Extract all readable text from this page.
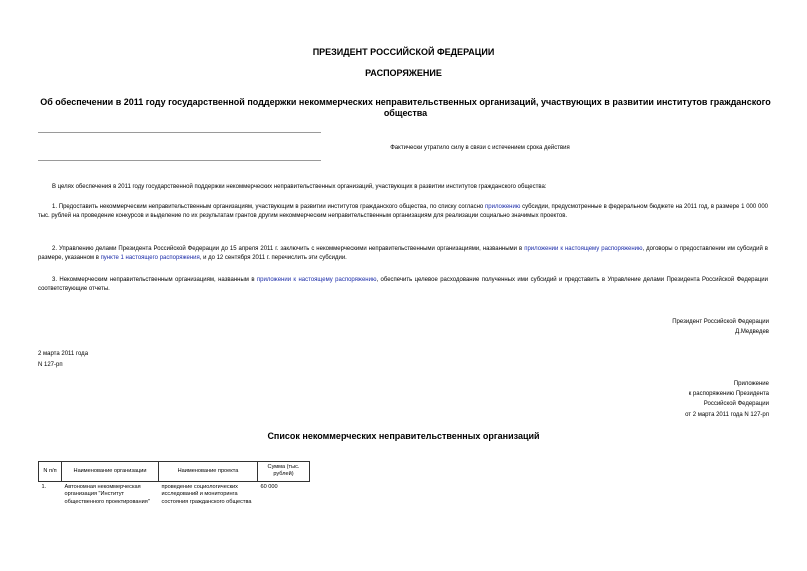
ПРЕЗИДЕНТ РОССИЙСКОЙ ФЕДЕРАЦИИ
РАСПОРЯЖЕНИЕ
Об обеспечении в 2011 году государственной поддержки некоммерческих неправительственных организаций, участвующих в развитии институтов гражданского общества
Фактически утратило силу в связи с истечением срока действия
В целях обеспечения в 2011 году государственной поддержки некоммерческих неправительственных организаций, участвующих в развитии институтов гражданского общества:
1. Предоставить некоммерческим неправительственным организациям, участвующим в развитии институтов гражданского общества, по списку согласно приложению субсидии, предусмотренные в федеральном бюджете на 2011 год, в размере 1 000 000 тыс. рублей на проведение конкурсов и выделение по их результатам грантов другим некоммерческим неправительственным организациям для реализации социально значимых проектов.
2. Управлению делами Президента Российской Федерации до 15 апреля 2011 г. заключить с некоммерческими неправительственными организациями, названными в приложении к настоящему распоряжению, договоры о предоставлении им субсидий в размере, указанном в пункте 1 настоящего распоряжения, и до 12 сентября 2011 г. перечислить эти субсидии.
3. Некоммерческим неправительственным организациям, названным в приложении к настоящему распоряжению, обеспечить целевое расходование полученных ими субсидий и представить в Управление делами Президента Российской Федерации соответствующие отчеты.
Президент Российской Федерации
Д.Медведев
2 марта 2011 года
N 127-рп
Приложение
к распоряжению Президента
Российской Федерации
от 2 марта 2011 года N 127-рп
Список некоммерческих неправительственных организаций
N п/п	Наименование организации	Наименование проекта	Сумма (тыс. рублей)
1.	Автономная некоммерческая организация "Институт общественного проектирования"	проведение социологических исследований и мониторинга состояния гражданского общества	60 000
